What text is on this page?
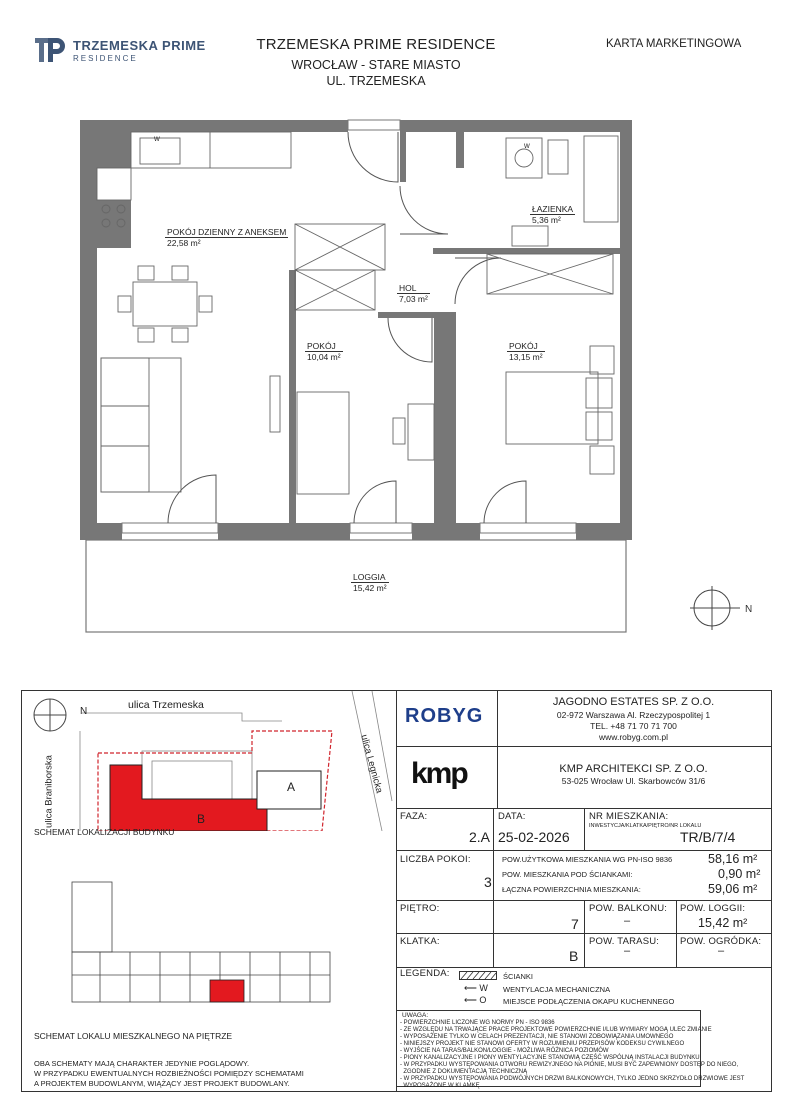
TRZEMESKA PRIME
RESIDENCE
TRZEMESKA PRIME RESIDENCE
WROCŁAW - STARE MIASTO
UL. TRZEMESKA
KARTA MARKETINGOWA
w
w
N
POKÓJ DZIENNY Z ANEKSEM
22,58 m²
HOL
7,03 m²
ŁAZIENKA
5,36 m²
POKÓJ
10,04 m²
POKÓJ
13,15 m²
LOGGIA
15,42 m²
ulica Trzemeska
ulica Braniborska	ulica Legnicka
B
A
N
SCHEMAT LOKALIZACJI BUDYNKU
SCHEMAT LOKALU MIESZKALNEGO NA PIĘTRZE
OBA SCHEMATY MAJĄ CHARAKTER JEDYNIE POGLĄDOWY.
W PRZYPADKU EWENTUALNYCH ROZBIEŻNOŚCI POMIĘDZY SCHEMATAMI
A PROJEKTEM BUDOWLANYM, WIĄŻĄCY JEST PROJEKT BUDOWLANY.
ROBYG
JAGODNO ESTATES SP. Z O.O.
02-972 Warszawa Al. Rzeczypospolitej 1
TEL. +48 71 70 71 700
www.robyg.com.pl
kmp	KMP ARCHITEKCI SP. Z O.O.
53-025 Wrocław Ul. Skarbowców 31/6
FAZA:
2.A
DATA:
25-02-2026
NR MIESZKANIA:
INWESTYCJA/KLATKA/PIĘTRO/NR LOKALU
TR/B/7/4
LICZBA POKOI:
3
POW.UŻYTKOWA MIESZKANIA WG PN-ISO 9836	58,16 m²
POW. MIESZKANIA POD ŚCIANKAMI:	0,90 m²
ŁĄCZNA POWIERZCHNIA MIESZKANIA:	59,06 m²
PIĘTRO:
7
POW. BALKONU:
–
POW. LOGGII:
15,42 m²
KLATKA:
B
POW. TARASU:
–
POW. OGRÓDKA:
–
LEGENDA:	ŚCIANKI
⟵ W WENTYLACJA MECHANICZNA
⟵ O MIEJSCE PODŁĄCZENIA OKAPU KUCHENNEGO
UWAGA:
- POWIERZCHNIE LICZONE WG NORMY PN - ISO 9836
- ZE WZGLĘDU NA TRWAJĄCE PRACE PROJEKTOWE POWIERZCHNIE I/LUB WYMIARY MOGĄ ULEC ZMIANIE
- WYPOSAŻENIE TYLKO W CELACH PREZENTACJI, NIE STANOWI ZOBOWIĄZANIA UMOWNEGO
- NINIEJSZY PROJEKT NIE STANOWI OFERTY W ROZUMIENIU PRZEPISÓW KODEKSU CYWILNEGO
- WYJŚCIE NA TARAS/BALKON/LOGGIE - MOŻLIWA RÓŻNICA POZIOMÓW
- PIONY KANALIZACYJNE I PIONY WENTYLACYJNE STANOWIĄ CZĘŚĆ WSPÓLNĄ INSTALACJI BUDYNKU
- W PRZYPADKU WYSTĘPOWANIA OTWORU REWIZYJNEGO NA PIONIE, MUSI BYĆ ZAPEWNIONY DOSTĘP DO NIEGO,
ZGODNIE Z DOKUMENTACJĄ TECHNICZNĄ
- W PRZYPADKU WYSTĘPOWANIA PODWÓJNYCH DRZWI BALKONOWYCH, TYLKO JEDNO SKRZYDŁO DRZWIOWE JEST
WYPOSAŻONE W KLAMKĘ
